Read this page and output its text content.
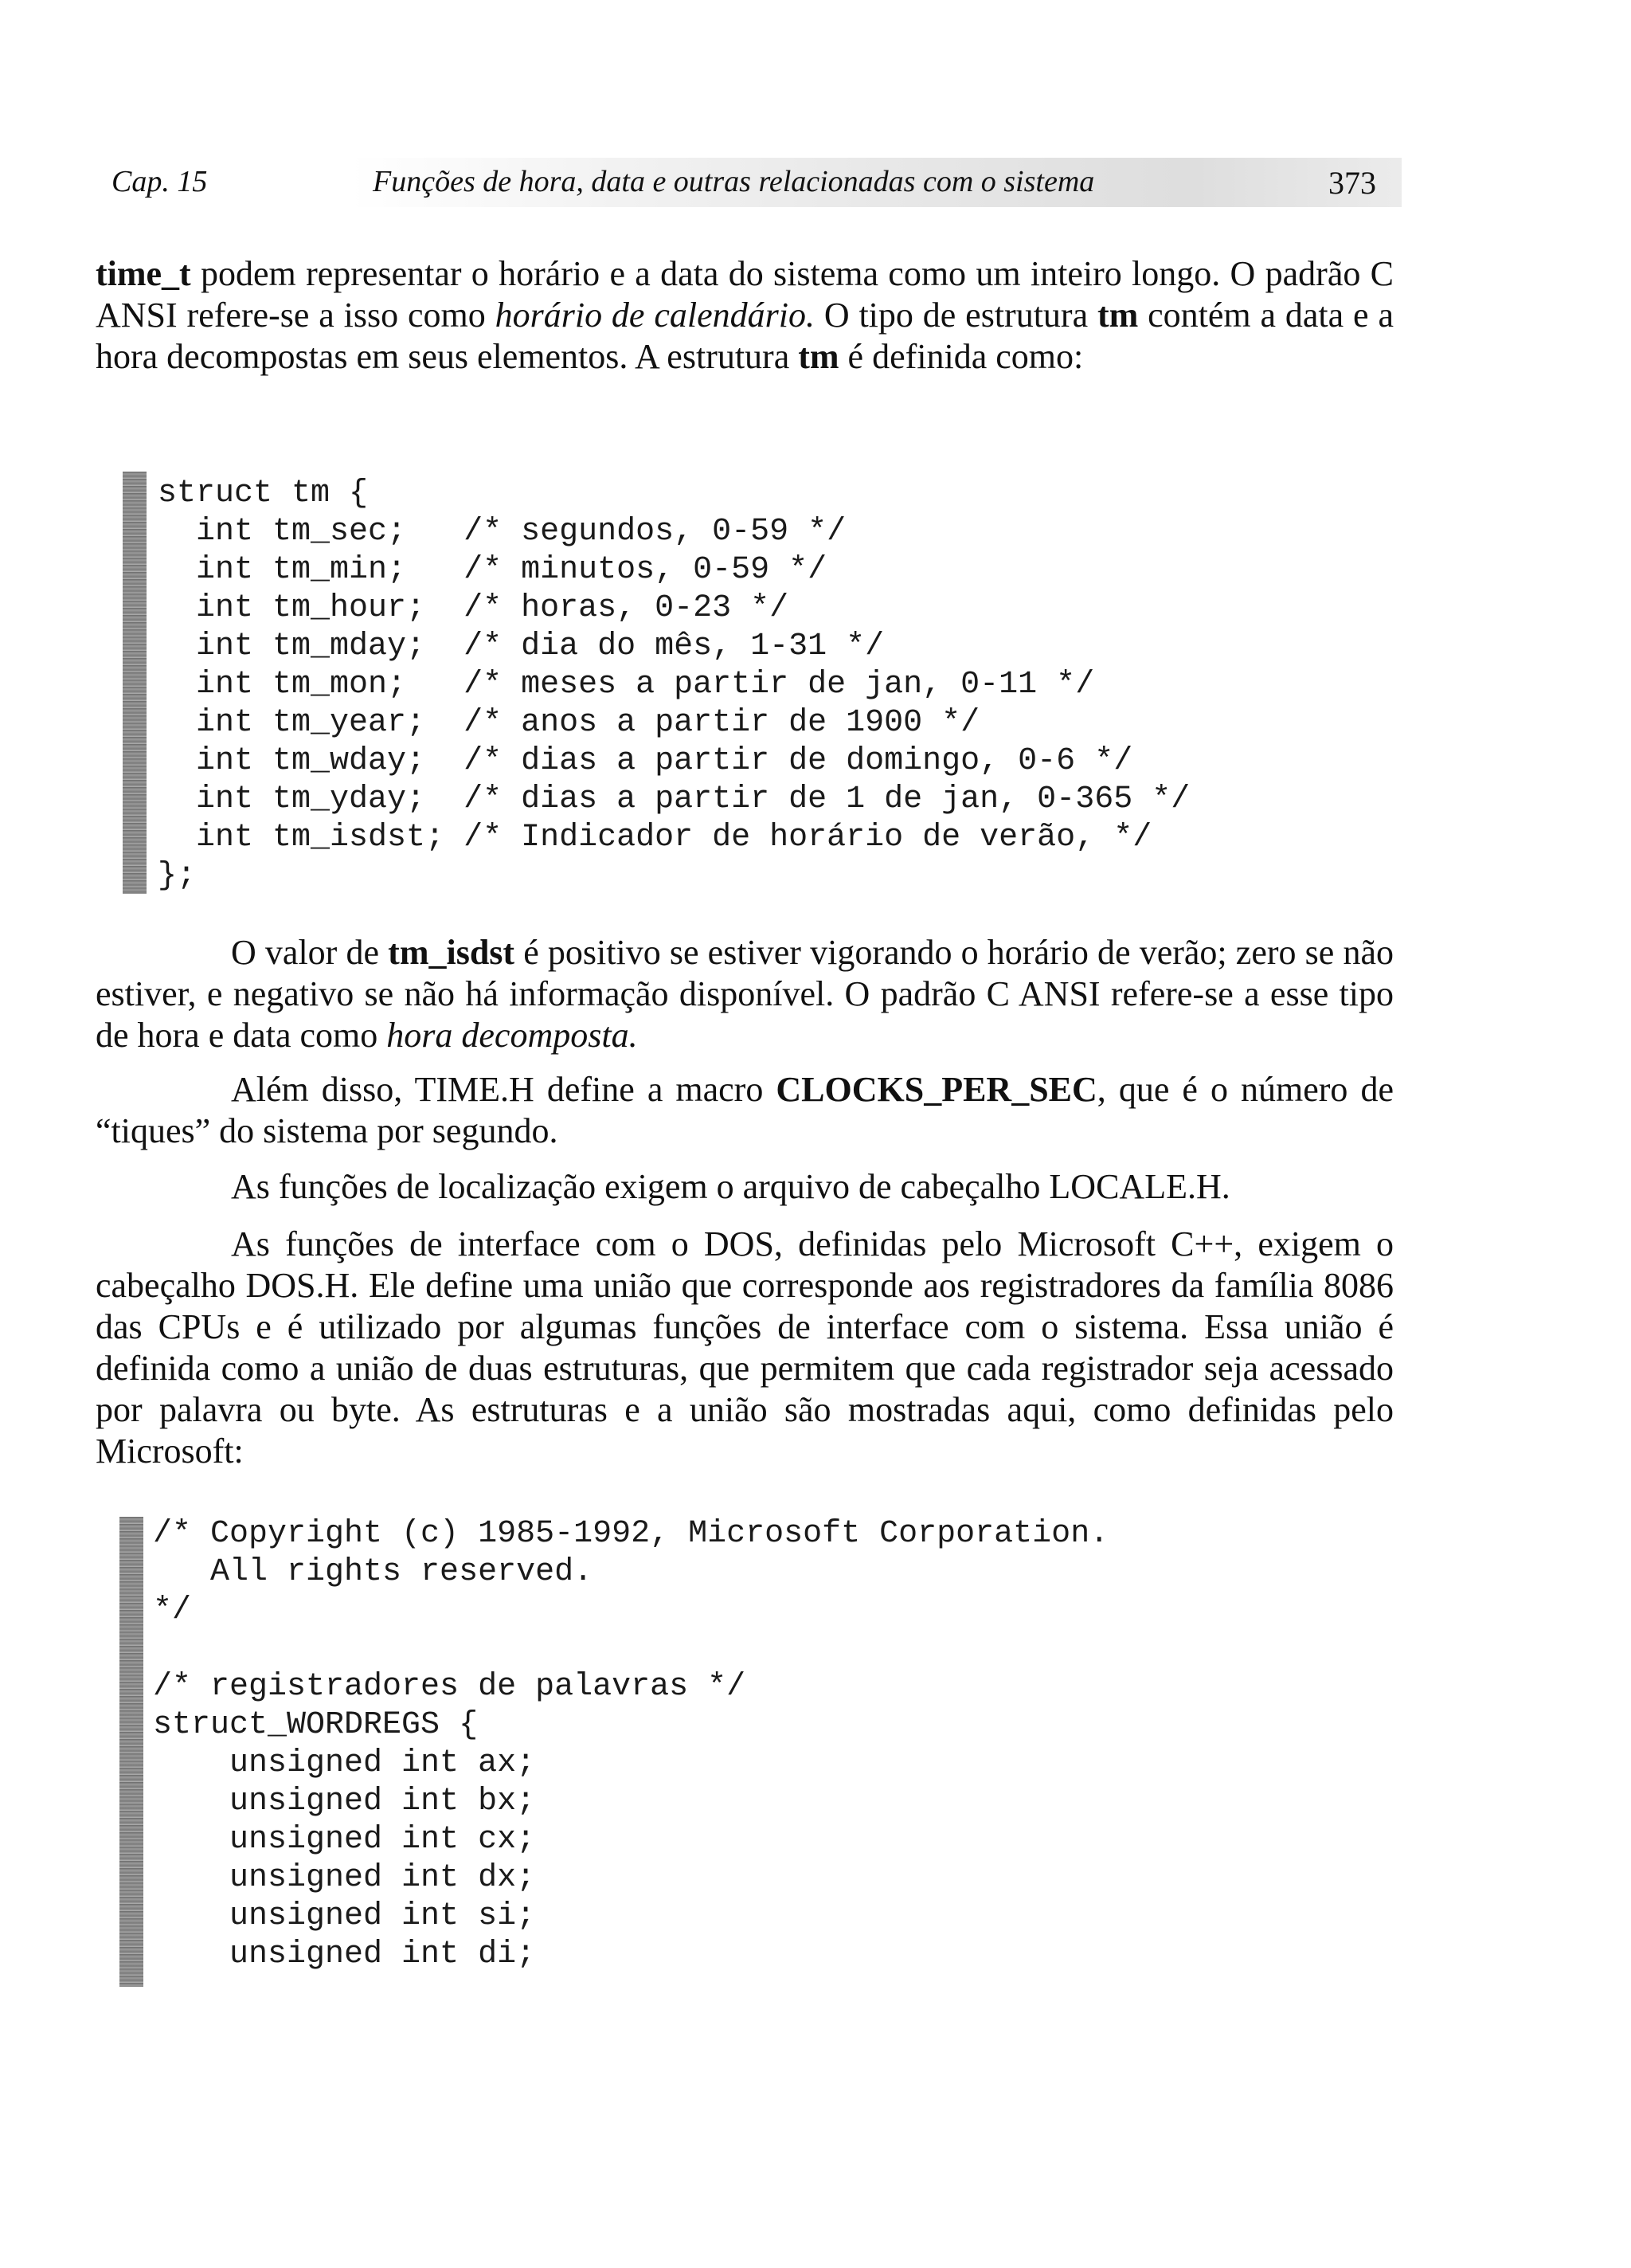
Cap. 15	Funções de hora, data e outras relacionadas com o sistema	373

time_t podem representar o horário e a data do sistema como um inteiro longo. O padrão C ANSI refere-se a isso como horário de calendário. O tipo de estrutura tm contém a data e a hora decompostas em seus elementos. A estrutura tm é definida como:

struct tm {
int tm_sec;   /* segundos, 0-59 */
int tm_min;   /* minutos, 0-59 */
int tm_hour;  /* horas, 0-23 */
int tm_mday;  /* dia do mês, 1-31 */
int tm_mon;   /* meses a partir de jan, 0-11 */
int tm_year;  /* anos a partir de 1900 */
int tm_wday;  /* dias a partir de domingo, 0-6 */
int tm_yday;  /* dias a partir de 1 de jan, 0-365 */
int tm_isdst; /* Indicador de horário de verão, */
};

O valor de tm_isdst é positivo se estiver vigorando o horário de verão; zero se não estiver, e negativo se não há informação disponível. O padrão C ANSI refere-se a esse tipo de hora e data como hora decomposta.

Além disso, TIME.H define a macro CLOCKS_PER_SEC, que é o número de “tiques” do sistema por segundo.

As funções de localização exigem o arquivo de cabeçalho LOCALE.H.

As funções de interface com o DOS, definidas pelo Microsoft C++, exigem o cabeçalho DOS.H. Ele define uma união que corresponde aos registradores da família 8086 das CPUs e é utilizado por algumas funções de interface com o sistema. Essa união é definida como a união de duas estruturas, que permitem que cada registrador seja acessado por palavra ou byte. As estruturas e a união são mostradas aqui, como definidas pelo Microsoft:

/* Copyright (c) 1985-1992, Microsoft Corporation.
All rights reserved.
*/
/* registradores de palavras */
struct_WORDREGS {
unsigned int ax;
unsigned int bx;
unsigned int cx;
unsigned int dx;
unsigned int si;
unsigned int di;
